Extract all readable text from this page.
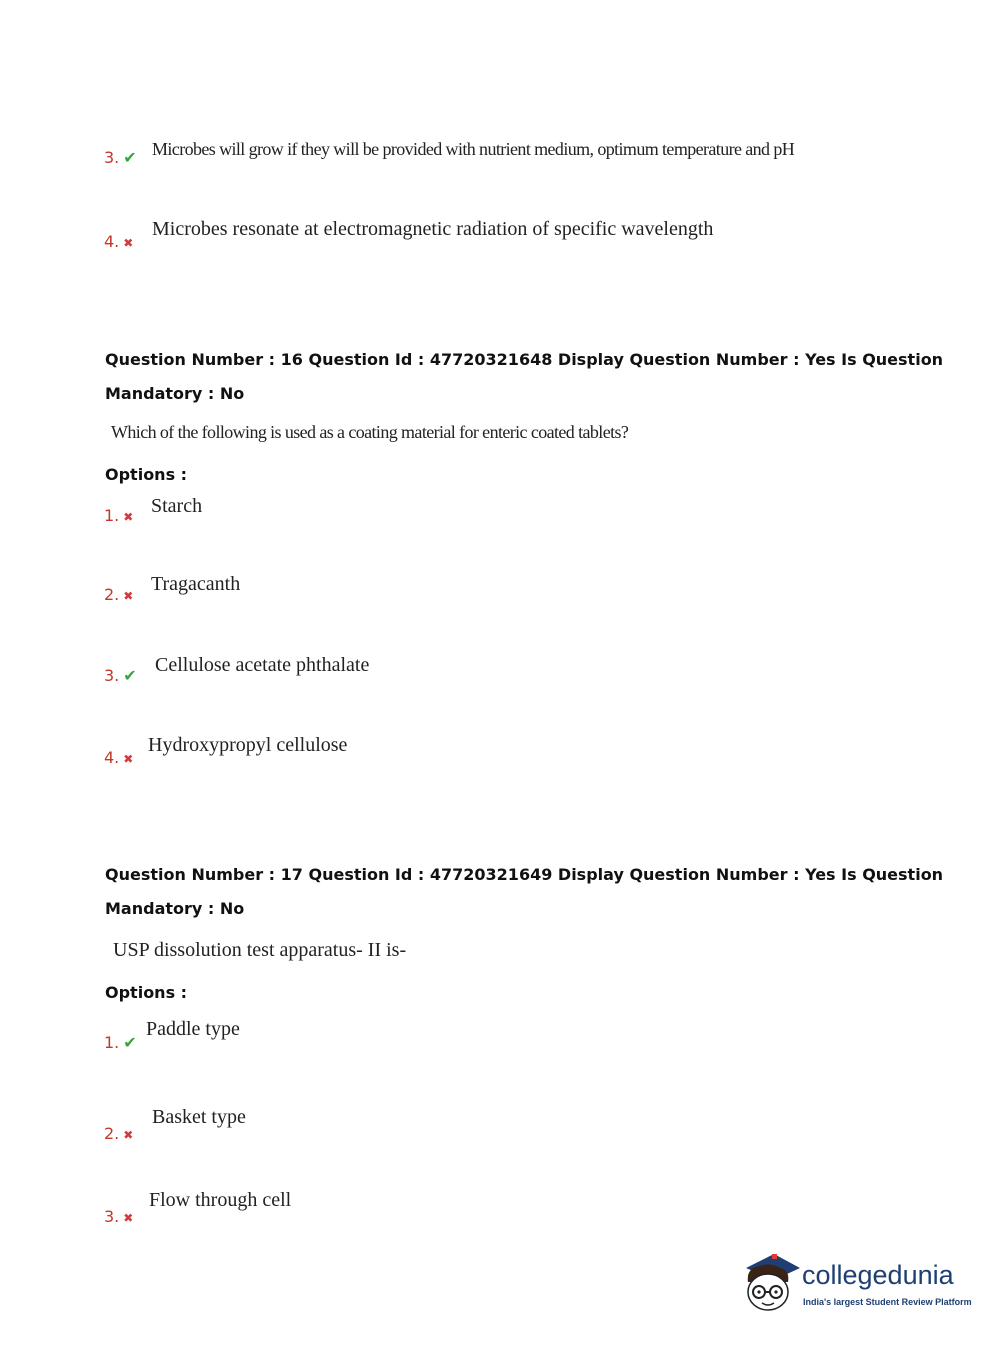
3. ✔ Microbes will grow if they will be provided with nutrient medium, optimum temperature and pH
4. ✖
Microbes resonate at electromagnetic radiation of specific wavelength
Question Number : 16 Question Id : 47720321648 Display Question Number : Yes Is Question
Mandatory : No
Which of the following is used as a coating material for enteric coated tablets?
Options :
1. ✖ Starch
2. ✖
Tragacanth
3. ✔ Cellulose acetate phthalate
4. ✖
Hydroxypropyl cellulose
Question Number : 17 Question Id : 47720321649 Display Question Number : Yes Is Question
Mandatory : No
USP dissolution test apparatus- II is-
Options :
1. ✔
Paddle type
2. ✖
Basket type
3. ✖
Flow through cell
collegedunia
India's largest Student Review Platform
